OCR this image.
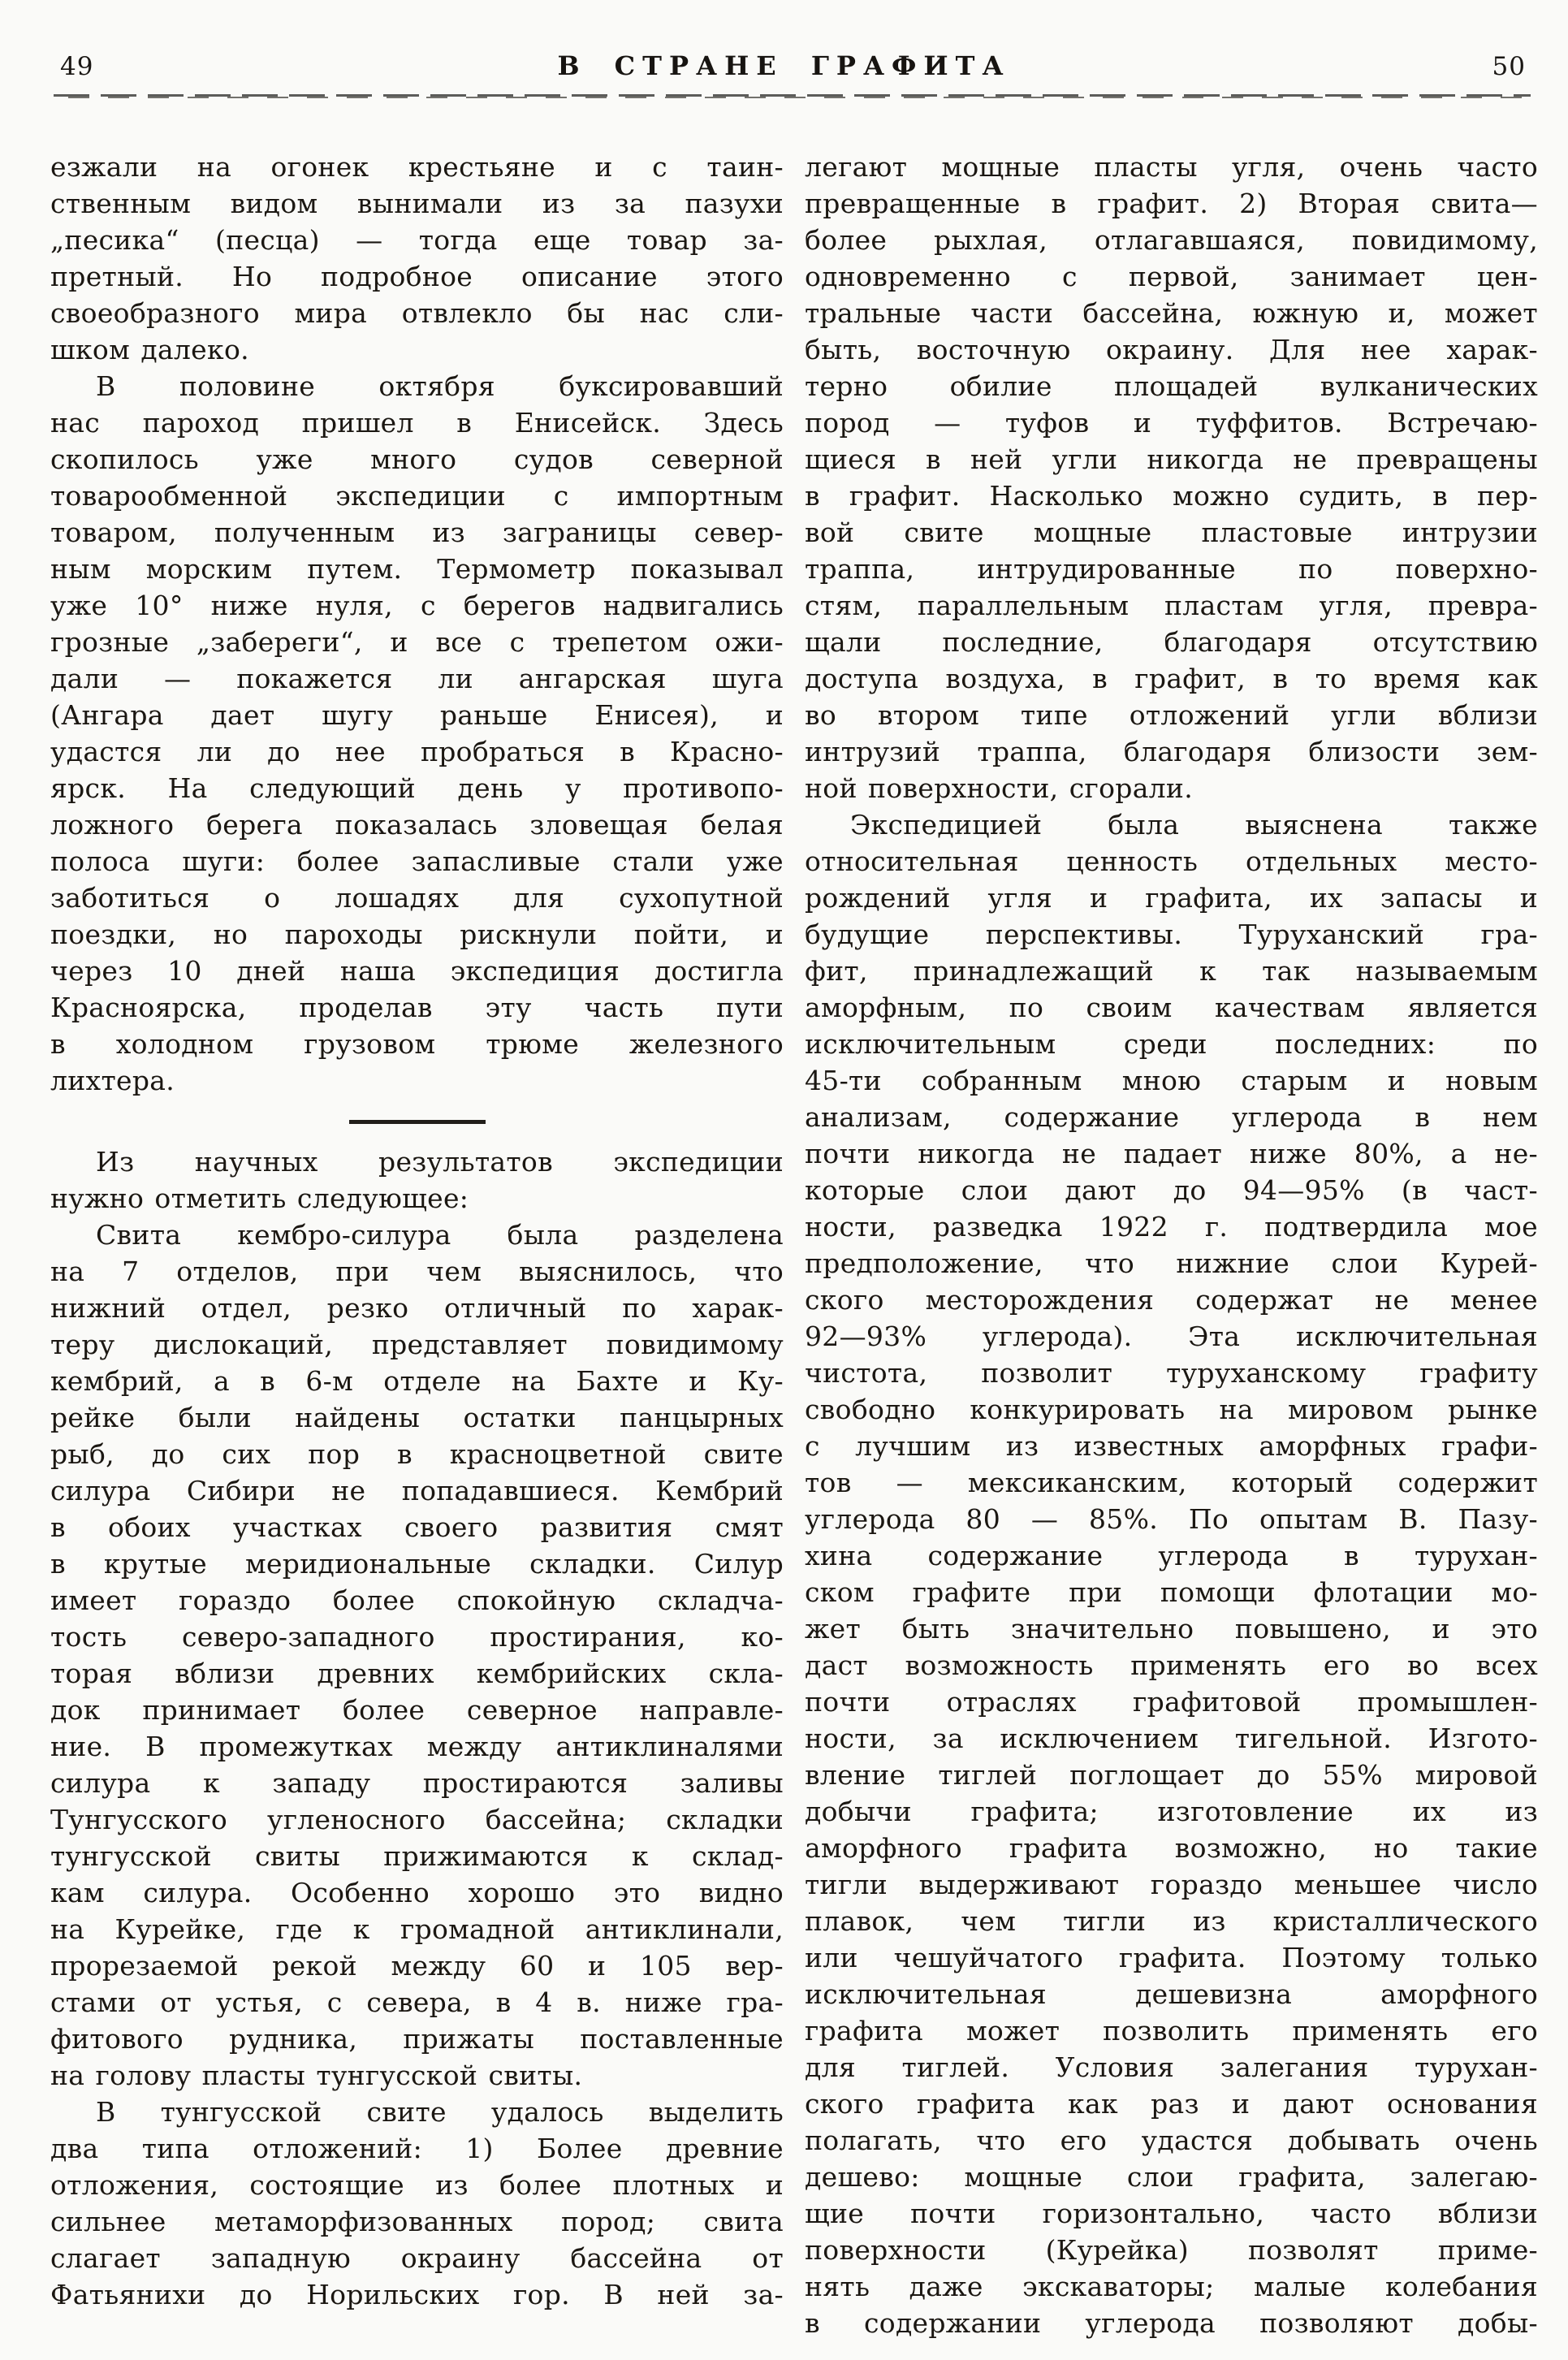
49	В СТРАНЕ ГРАФИТА	50
езжали на огонек крестьяне и с таин-
ственным видом вынимали из за пазухи
„песика“ (песца) — тогда еще товар за-
претный. Но подробное описание этого
своеобразного мира отвлекло бы нас сли-
шком далеко.
В половине октября буксировавший
нас пароход пришел в Енисейск. Здесь
скопилось уже много судов северной
товарообменной экспедиции с импортным
товаром, полученным из заграницы север-
ным морским путем. Термометр показывал
уже 10° ниже нуля, с берегов надвигались
грозные „забереги“, и все с трепетом ожи-
дали — покажется ли ангарская шуга
(Ангара дает шугу раньше Енисея), и
удастся ли до нее пробраться в Красно-
ярск. На следующий день у противопо-
ложного берега показалась зловещая белая
полоса шуги: более запасливые стали уже
заботиться о лошадях для сухопутной
поездки, но пароходы рискнули пойти, и
через 10 дней наша экспедиция достигла
Красноярска, проделав эту часть пути
в холодном грузовом трюме железного
лихтера.
Из научных результатов экспедиции
нужно отметить следующее:
Свита кембро-силура была разделена
на 7 отделов, при чем выяснилось, что
нижний отдел, резко отличный по харак-
теру дислокаций, представляет повидимому
кембрий, а в 6-м отделе на Бахте и Ку-
рейке были найдены остатки панцырных
рыб, до сих пор в красноцветной свите
силура Сибири не попадавшиеся. Кембрий
в обоих участках своего развития смят
в крутые меридиональные складки. Силур
имеет гораздо более спокойную складча-
тость северо-западного простирания, ко-
торая вблизи древних кембрийских скла-
док принимает более северное направле-
ние. В промежутках между антиклиналями
силура к западу простираются заливы
Тунгусского угленосного бассейна; складки
тунгусской свиты прижимаются к склад-
кам силура. Особенно хорошо это видно
на Курейке, где к громадной антиклинали,
прорезаемой рекой между 60 и 105 вер-
стами от устья, с севера, в 4 в. ниже гра-
фитового рудника, прижаты поставленные
на голову пласты тунгусской свиты.
В тунгусской свите удалось выделить
два типа отложений: 1) Более древние
отложения, состоящие из более плотных и
сильнее метаморфизованных пород; свита
слагает западную окраину бассейна от
Фатьянихи до Норильских гор. В ней за-
легают мощные пласты угля, очень часто
превращенные в графит. 2) Вторая свита—
более рыхлая, отлагавшаяся, повидимому,
одновременно с первой, занимает цен-
тральные части бассейна, южную и, может
быть, восточную окраину. Для нее харак-
терно обилие площадей вулканических
пород — туфов и туффитов. Встречаю-
щиеся в ней угли никогда не превращены
в графит. Насколько можно судить, в пер-
вой свите мощные пластовые интрузии
траппа, интрудированные по поверхно-
стям, параллельным пластам угля, превра-
щали последние, благодаря отсутствию
доступа воздуха, в графит, в то время как
во втором типе отложений угли вблизи
интрузий траппа, благодаря близости зем-
ной поверхности, сгорали.
Экспедицией была выяснена также
относительная ценность отдельных место-
рождений угля и графита, их запасы и
будущие перспективы. Туруханский гра-
фит, принадлежащий к так называемым
аморфным, по своим качествам является
исключительным среди последних: по
45-ти собранным мною старым и новым
анализам, содержание углерода в нем
почти никогда не падает ниже 80%, а не-
которые слои дают до 94—95% (в част-
ности, разведка 1922 г. подтвердила мое
предположение, что нижние слои Курей-
ского месторождения содержат не менее
92—93% углерода). Эта исключительная
чистота, позволит туруханскому графиту
свободно конкурировать на мировом рынке
с лучшим из известных аморфных графи-
тов — мексиканским, который содержит
углерода 80 — 85%. По опытам В. Пазу-
хина содержание углерода в турухан-
ском графите при помощи флотации мо-
жет быть значительно повышено, и это
даст возможность применять его во всех
почти отраслях графитовой промышлен-
ности, за исключением тигельной. Изгото-
вление тиглей поглощает до 55% мировой
добычи графита; изготовление их из
аморфного графита возможно, но такие
тигли выдерживают гораздо меньшее число
плавок, чем тигли из кристаллического
или чешуйчатого графита. Поэтому только
исключительная дешевизна аморфного
графита может позволить применять его
для тиглей. Условия залегания турухан-
ского графита как раз и дают основания
полагать, что его удастся добывать очень
дешево: мощные слои графита, залегаю-
щие почти горизонтально, часто вблизи
поверхности (Курейка) позволят приме-
нять даже экскаваторы; малые колебания
в содержании углерода позволяют добы-
